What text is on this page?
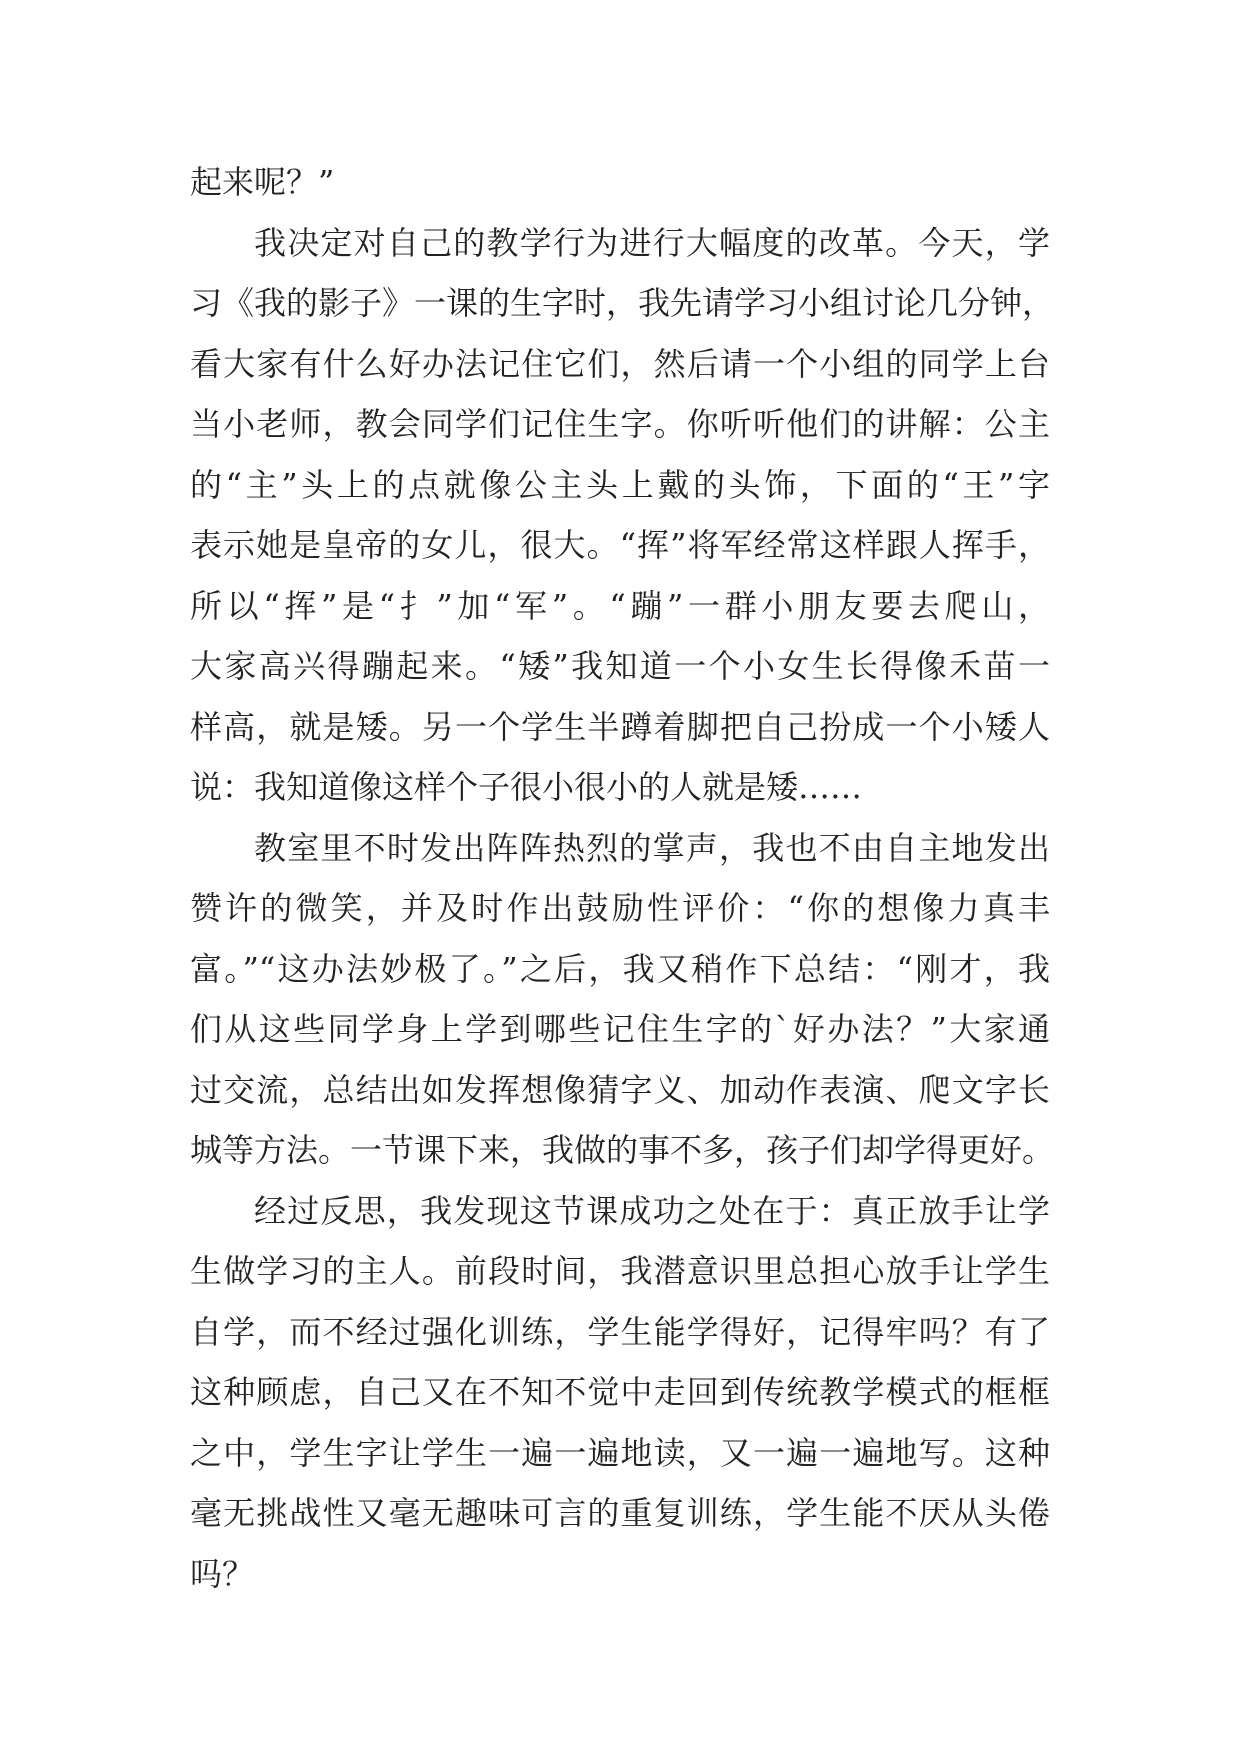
起来呢？”
我决定对自己的教学行为进行大幅度的改革。今天，学
习《我的影子》一课的生字时，我先请学习小组讨论几分钟，
看大家有什么好办法记住它们，然后请一个小组的同学上台
当小老师，教会同学们记住生字。你听听他们的讲解：公主
的“主”头上的点就像公主头上戴的头饰，下面的“王”字
表示她是皇帝的女儿，很大。“挥”将军经常这样跟人挥手，
所以“挥”是“扌”加“军”。“蹦”一群小朋友要去爬山，
大家高兴得蹦起来。“矮”我知道一个小女生长得像禾苗一
样高，就是矮。另一个学生半蹲着脚把自己扮成一个小矮人
说：我知道像这样个子很小很小的人就是矮……
教室里不时发出阵阵热烈的掌声，我也不由自主地发出
赞许的微笑，并及时作出鼓励性评价：“你的想像力真丰
富。”“这办法妙极了。”之后，我又稍作下总结：“刚才，我
们从这些同学身上学到哪些记住生字的`好办法？”大家通
过交流，总结出如发挥想像猜字义、加动作表演、爬文字长
城等方法。一节课下来，我做的事不多，孩子们却学得更好。
经过反思，我发现这节课成功之处在于：真正放手让学
生做学习的主人。前段时间，我潜意识里总担心放手让学生
自学，而不经过强化训练，学生能学得好，记得牢吗？有了
这种顾虑，自己又在不知不觉中走回到传统教学模式的框框
之中，学生字让学生一遍一遍地读，又一遍一遍地写。这种
毫无挑战性又毫无趣味可言的重复训练，学生能不厌从头倦
吗？
